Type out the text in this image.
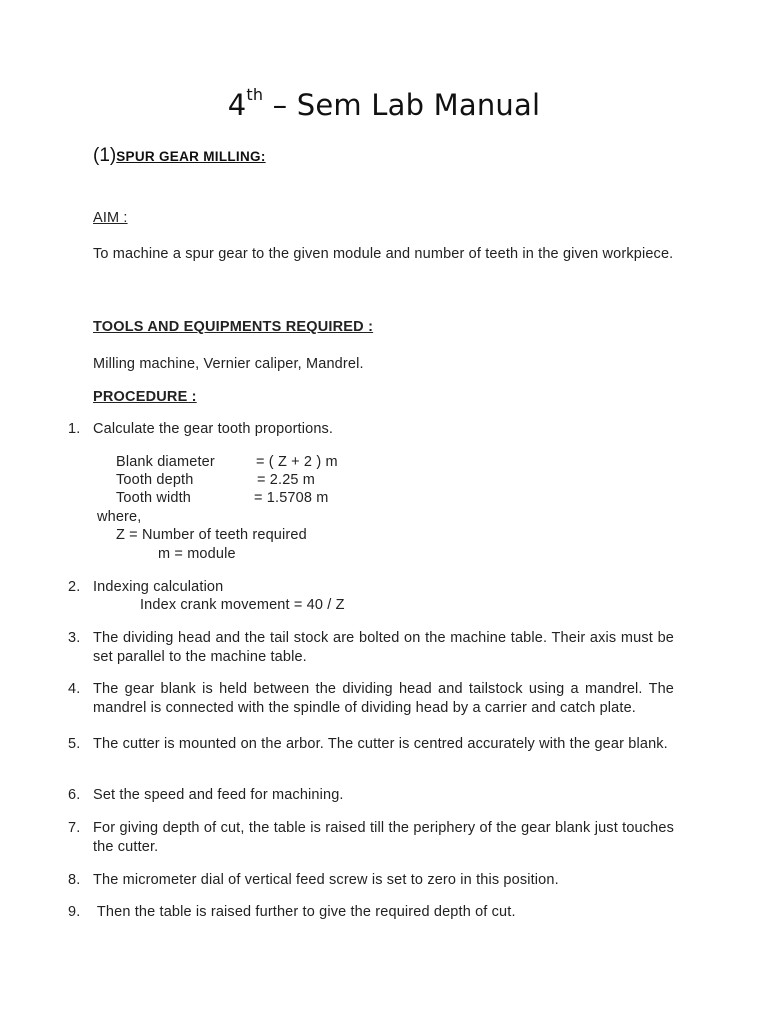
4th – Sem Lab Manual
(1)SPUR GEAR MILLING:
AIM :
To machine a spur gear to the given module and number of teeth in the given workpiece.
TOOLS AND EQUIPMENTS REQUIRED :
Milling machine, Vernier caliper, Mandrel.
PROCEDURE :
1. Calculate the gear tooth proportions.
Blank diameter	= ( Z + 2 ) m
Tooth depth	= 2.25 m
Tooth width	= 1.5708 m
where,
Z = Number of teeth required
m = module
2. Indexing calculation
Index crank movement = 40 / Z
3. The dividing head and the tail stock are bolted on the machine table. Their axis must be set parallel to the machine table.
4. The gear blank is held between the dividing head and tailstock using a mandrel. The mandrel is connected with the spindle of dividing head by a carrier and catch plate.
5. The cutter is mounted on the arbor. The cutter is centred accurately with the gear blank.
6. Set the speed and feed for machining.
7. For giving depth of cut, the table is raised till the periphery of the gear blank just touches the cutter.
8. The micrometer dial of vertical feed screw is set to zero in this position.
9. Then the table is raised further to give the required depth of cut.
